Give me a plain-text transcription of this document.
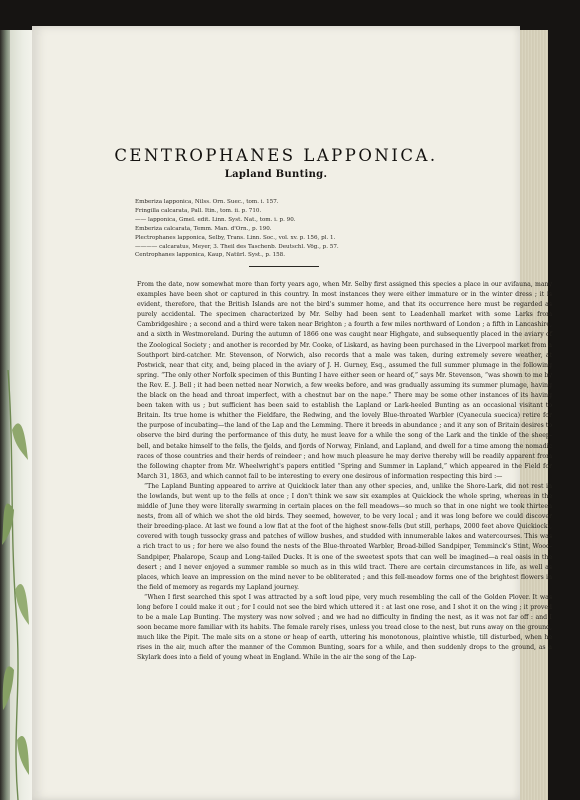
CENTROPHANES LAPPONICA.
Lapland Bunting.
Emberiza lapponica, Nilss. Orn. Suec., tom. i. 157.
Fringilla calcarata, Pall. Itin., tom. ii. p. 710.
—— lapponica, Gmel. edit. Linn. Syst. Nat., tom. i. p. 90.
Emberiza calcarata, Temm. Man. d'Orn., p. 190.
Plectrophanes lapponica, Selby, Trans. Linn. Soc., vol. xv. p. 156, pl. 1.
———— calcaratus, Meyer, 3. Theil des Taschenb. Deutschl. Vög., p. 57.
Centrophanes lapponica, Kaup, Natürl. Syst., p. 158.

From the date, now somewhat more than forty years ago, when Mr. Selby first assigned this species a place in our avifauna, many examples have been shot or captured in this country. In most instances they were either immature or in the winter dress ; it is evident, therefore, that the British Islands are not the bird's summer home, and that its occurrence here must be regarded as purely accidental. The specimen characterized by Mr. Selby had been sent to Leadenhall market with some Larks from Cambridgeshire ; a second and a third were taken near Brighton ; a fourth a few miles northward of London ; a fifth in Lancashire, and a sixth in Westmoreland. During the autumn of 1866 one was caught near Highgate, and subsequently placed in the aviary of the Zoological Society ; and another is recorded by Mr. Cooke, of Liskard, as having been purchased in the Liverpool market from a Southport bird-catcher. Mr. Stevenson, of Norwich, also records that a male was taken, during extremely severe weather, at Postwick, near that city, and, being placed in the aviary of J. H. Gurney, Esq., assumed the full summer plumage in the following spring. “The only other Norfolk specimen of this Bunting I have either seen or heard of,” says Mr. Stevenson, “was shown to me by the Rev. E. J. Bell ; it had been netted near Norwich, a few weeks before, and was gradually assuming its summer plumage, having the black on the head and throat imperfect, with a chestnut bar on the nape.” There may be some other instances of its having been taken with us ; but sufficient has been said to establish the Lapland or Lark-heeled Bunting as an occasional visitant to Britain. Its true home is whither the Fieldfare, the Redwing, and the lovely Blue-throated Warbler (Cyanecula suecica) retire for the purpose of incubating—the land of the Lap and the Lemming. There it breeds in abundance ; and it any son of Britain desires to observe the bird during the performance of this duty, he must leave for a while the song of the Lark and the tinkle of the sheep-bell, and betake himself to the fells, the fjelds, and fjords of Norway, Finland, and Lapland, and dwell for a time among the nomadic races of those countries and their herds of reindeer ; and how much pleasure he may derive thereby will be readily apparent from the following chapter from Mr. Wheelwright's papers entitled “Spring and Summer in Lapland,” which appeared in the Field for March 31, 1863, and which cannot fail to be interesting to every one desirous of information respecting this bird :—

“The Lapland Bunting appeared to arrive at Quickiock later than any other species, and, unlike the Shore-Lark, did not rest in the lowlands, but went up to the fells at once ; I don't think we saw six examples at Quickiock the whole spring, whereas in the middle of June they were literally swarming in certain places on the fell meadows—so much so that in one night we took thirteen nests, from all of which we shot the old birds. They seemed, however, to be very local ; and it was long before we could discover their breeding-place. At last we found a low flat at the foot of the highest snow-fells (but still, perhaps, 2000 feet above Quickiock), covered with tough tussocky grass and patches of willow bushes, and studded with innumerable lakes and watercourses. This was a rich tract to us ; for here we also found the nests of the Blue-throated Warbler, Broad-billed Sandpiper, Temminck's Stint, Wood-Sandpiper, Phalarope, Scaup and Long-tailed Ducks. It is one of the sweetest spots that can well be imagined—a real oasis in the desert ; and I never enjoyed a summer ramble so much as in this wild tract. There are certain circumstances in life, as well as places, which leave an impression on the mind never to be obliterated ; and this fell-meadow forms one of the brightest flowers in the field of memory as regards my Lapland journey.

“When I first searched this spot I was attracted by a soft loud pipe, very much resembling the call of the Golden Plover. It was long before I could make it out ; for I could not see the bird which uttered it : at last one rose, and I shot it on the wing ; it proved to be a male Lap Bunting. The mystery was now solved ; and we had no difficulty in finding the nest, as it was not far off : and I soon became more familiar with its habits. The female rarely rises, unless you tread close to the nest, but runs away on the ground, much like the Pipit. The male sits on a stone or heap of earth, uttering his monotonous, plaintive whistle, till disturbed, when he rises in the air, much after the manner of the Common Bunting, soars for a while, and then suddenly drops to the ground, as a Skylark does into a field of young wheat in England. While in the air the song of the Lap-
